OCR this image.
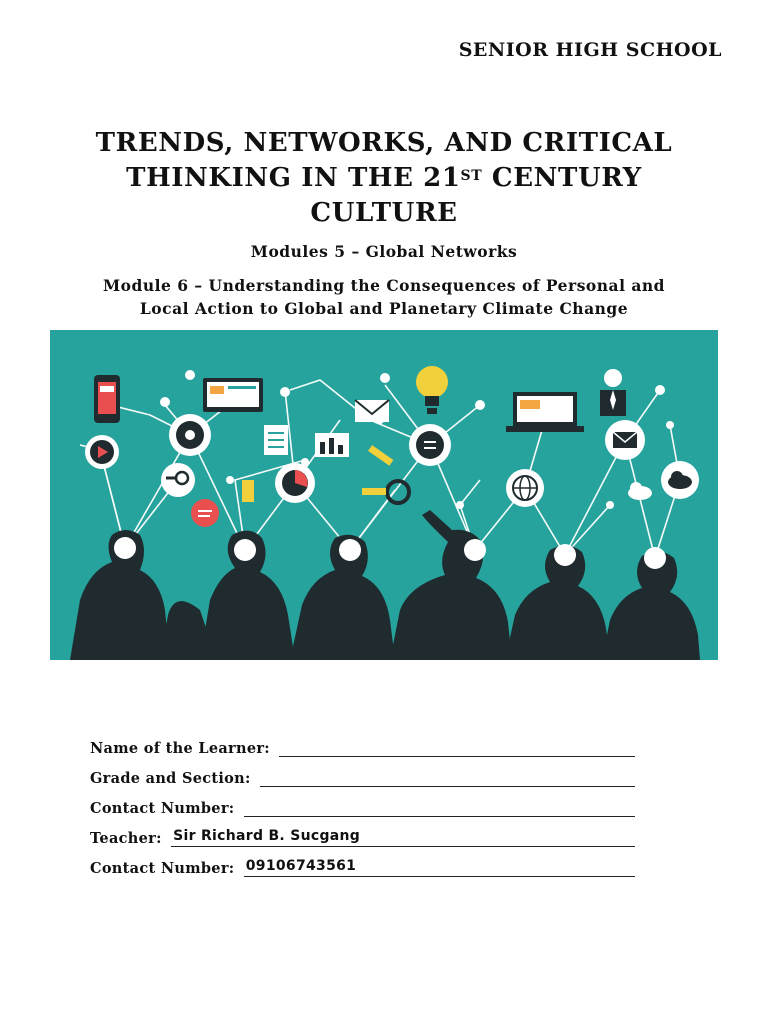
SENIOR HIGH SCHOOL
TRENDS, NETWORKS, AND CRITICAL
THINKING IN THE 21ST CENTURY
CULTURE
Modules 5 – Global Networks
Module 6 – Understanding the Consequences of Personal and
Local Action to Global and Planetary Climate Change
Name of the Learner:
Grade and Section:
Contact Number:
Teacher: Sir Richard B. Sucgang
Contact Number: 09106743561
